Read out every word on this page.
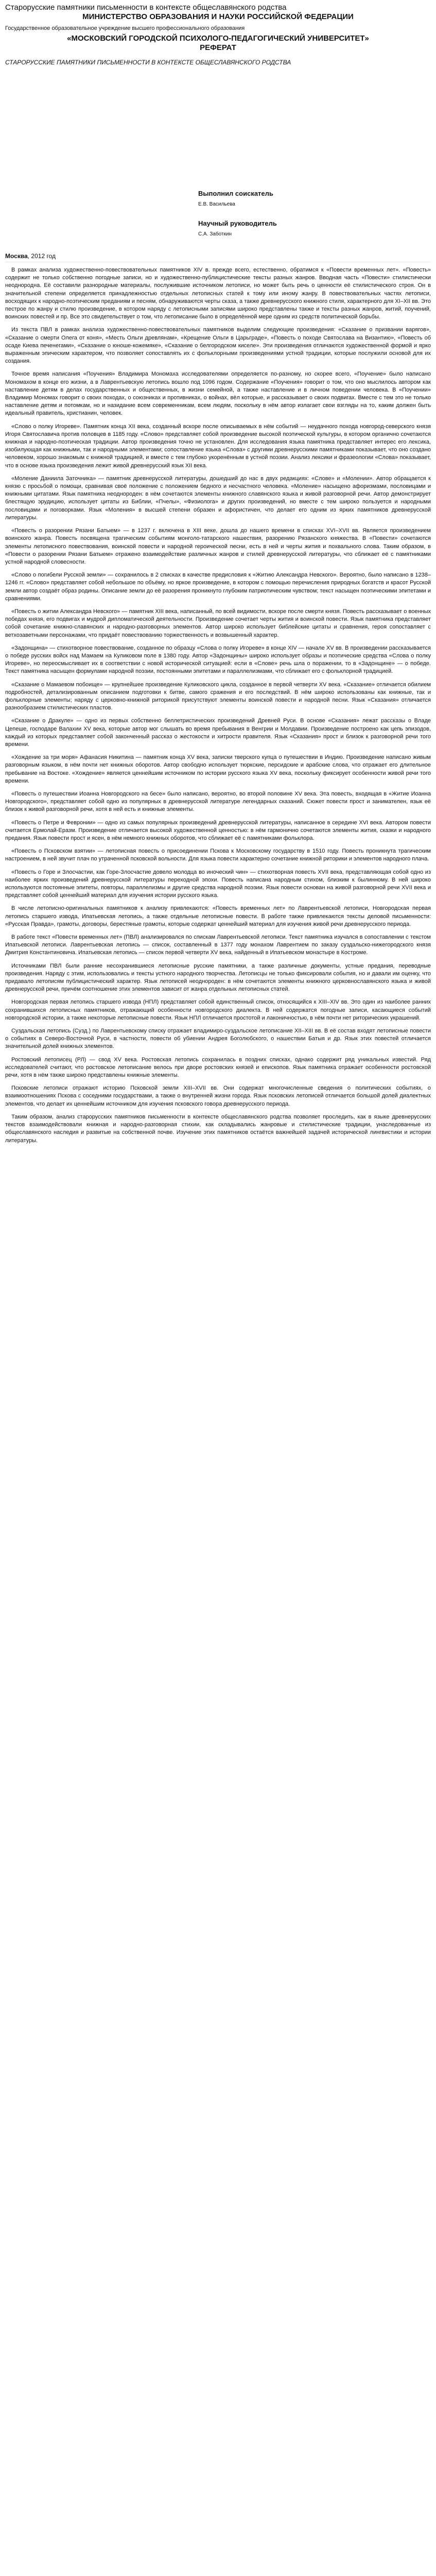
Старорусские памятники письменности в контексте общеславянского родства
МИНИСТЕРСТВО ОБРАЗОВАНИЯ И НАУКИ РОССИЙСКОЙ ФЕДЕРАЦИИ
Государственное образовательное учреждение высшего профессионального образования
«МОСКОВСКИЙ ГОРОДСКОЙ ПСИХОЛОГО-ПЕДАГОГИЧЕСКИЙ УНИВЕРСИТЕТ»
РЕФЕРАТ
СТАРОРУССКИЕ ПАМЯТНИКИ ПИСЬМЕННОСТИ В КОНТЕКСТЕ ОБЩЕСЛАВЯНСКОГО РОДСТВА
Выполнил соискатель
Е.В. Васильева
Научный руководитель
С.А. Заботкин
Москва, 2012 год

В рамках анализа художественно-повествовательных памятников XIV в. прежде всего, естественно, обратимся к «Повести временных лет». «Повесть» содержит не только собственно погодные записи, но и художественно-публицистические тексты разных жанров. Вводная часть «Повести» стилистически неоднородна. Её составили разнородные материалы, послужившие источником летописи, но может быть речь о ценности её стилистического строя. Он в значительной степени определяется принадлежностью отдельных летописных статей к тому или иному жанру. В повествовательных частях летописи, восходящих к народно-поэтическим преданиям и песням, обнаруживаются черты сказа, а также древнерусского книжного стиля, характерного для XI–XII вв. Это пестрое по жанру и стилю произведение, в котором наряду с летописными записями широко представлены также и тексты разных жанров, житий, поучений, воинских повестей и пр. Все это свидетельствует о том, что летописание было в определённой мере одним из средств политической борьбы.

Из текста ПВЛ в рамках анализа художественно-повествовательных памятников выделим следующие произведения: «Сказание о призвании варягов», «Сказание о смерти Олега от коня», «Месть Ольги древлянам», «Крещение Ольги в Царьграде», «Повесть о походе Святослава на Византию», «Повесть об осаде Киева печенегами», «Сказание о юноше-кожемяке», «Сказание о белгородском киселе». Эти произведения отличаются художественной формой и ярко выраженным эпическим характером, что позволяет сопоставлять их с фольклорными произведениями устной традиции, которые послужили основой для их создания.

Точное время написания «Поучения» Владимира Мономаха исследователями определяется по-разному, но скорее всего, «Поучение» было написано Мономахом в конце его жизни, а в Лаврентьевскую летопись вошло под 1096 годом. Содержание «Поучения» говорит о том, что оно мыслилось автором как наставление детям в делах государственных и общественных, в жизни семейной, а также наставление и в личном поведении человека. В «Поучении» Владимир Мономах говорит о своих походах, о союзниках и противниках, о войнах, вёл которые, и рассказывает о своих подвигах. Вместе с тем это не только наставление детям и потомкам, но и назидание всем современникам, всем людям, поскольку в нём автор излагает свои взгляды на то, каким должен быть идеальный правитель, христианин, человек.

«Слово о полку Игореве». Памятник конца XII века, созданный вскоре после описываемых в нём событий — неудачного похода новгород-северского князя Игоря Святославича против половцев в 1185 году. «Слово» представляет собой произведение высокой поэтической культуры, в котором органично сочетаются книжная и народно-поэтическая традиции. Автор произведения точно не установлен. Для исследования языка памятника представляет интерес его лексика, изобилующая как книжными, так и народными элементами; сопоставление языка «Слова» с другими древнерусскими памятниками показывает, что оно создано человеком, хорошо знакомым с книжной традицией, и вместе с тем глубоко укоренённым в устной поэзии. Анализ лексики и фразеологии «Слова» показывает, что в основе языка произведения лежит живой древнерусский язык XII века.

«Моление Даниила Заточника» — памятник древнерусской литературы, дошедший до нас в двух редакциях: «Слове» и «Молении». Автор обращается к князю с просьбой о помощи, сравнивая своё положение с положением бедного и несчастного человека. «Моление» насыщено афоризмами, пословицами и книжными цитатами. Язык памятника неоднороден: в нём сочетаются элементы книжного славянского языка и живой разговорной речи. Автор демонстрирует блестящую эрудицию, использует цитаты из Библии, «Пчелы», «Физиолога» и других произведений, но вместе с тем широко пользуется и народными пословицами и поговорками. Язык «Моления» в высшей степени образен и афористичен, что делает его одним из ярких памятников древнерусской литературы.

«Повесть о разорении Рязани Батыем» — в 1237 г. включена в XIII веке, дошла до нашего времени в списках XVI–XVII вв. Является произведением воинского жанра. Повесть посвящена трагическим событиям монголо-татарского нашествия, разорению Рязанского княжества. В «Повести» сочетаются элементы летописного повествования, воинской повести и народной героической песни, есть в ней и черты жития и похвального слова. Таким образом, в «Повести о разорении Рязани Батыем» отражено взаимодействие различных жанров и стилей древнерусской литературы, что сближает её с памятниками устной народной словесности.

«Слово о погибели Русской земли» — сохранилось в 2 списках в качестве предисловия к «Житию Александра Невского». Вероятно, было написано в 1238–1246 гг. «Слово» представляет собой небольшое по объёму, но яркое произведение, в котором с помощью перечисления природных богатств и красот Русской земли автор создаёт образ родины. Описание земли до её разорения проникнуто глубоким патриотическим чувством; текст насыщен поэтическими эпитетами и сравнениями.

«Повесть о житии Александра Невского» — памятник XIII века, написанный, по всей видимости, вскоре после смерти князя. Повесть рассказывает о военных победах князя, его подвигах и мудрой дипломатической деятельности. Произведение сочетает черты жития и воинской повести. Язык памятника представляет собой сочетание книжно-славянских и народно-разговорных элементов. Автор широко использует библейские цитаты и сравнения, героя сопоставляет с ветхозаветными персонажами, что придаёт повествованию торжественность и возвышенный характер.

«Задонщина» — стихотворное повествование, созданное по образцу «Слова о полку Игореве» в конце XIV — начале XV вв. В произведении рассказывается о победе русских войск над Мамаем на Куликовом поле в 1380 году. Автор «Задонщины» широко использует образы и поэтические средства «Слова о полку Игореве», но переосмысливает их в соответствии с новой исторической ситуацией: если в «Слове» речь шла о поражении, то в «Задонщине» — о победе. Текст памятника насыщен формулами народной поэзии, постоянными эпитетами и параллелизмами, что сближает его с фольклорной традицией.

«Сказание о Мамаевом побоище» — крупнейшее произведение Куликовского цикла, созданное в первой четверти XV века. «Сказание» отличается обилием подробностей, детализированным описанием подготовки к битве, самого сражения и его последствий. В нём широко использованы как книжные, так и фольклорные элементы; наряду с церковно-книжной риторикой присутствуют элементы воинской повести и народной песни. Язык «Сказания» отличается разнообразием стилистических пластов.

«Сказание о Дракуле» — одно из первых собственно беллетристических произведений Древней Руси. В основе «Сказания» лежат рассказы о Владе Цепеше, господаре Валахии XV века, которые автор мог слышать во время пребывания в Венгрии и Молдавии. Произведение построено как цепь эпизодов, каждый из которых представляет собой законченный рассказ о жестокости и хитрости правителя. Язык «Сказания» прост и близок к разговорной речи того времени.

«Хождение за три моря» Афанасия Никитина — памятник конца XV века, записки тверского купца о путешествии в Индию. Произведение написано живым разговорным языком, в нём почти нет книжных оборотов. Автор свободно использует тюркские, персидские и арабские слова, что отражает его длительное пребывание на Востоке. «Хождение» является ценнейшим источником по истории русского языка XV века, поскольку фиксирует особенности живой речи того времени.

«Повесть о путешествии Иоанна Новгородского на бесе» было написано, вероятно, во второй половине XV века. Эта повесть, входящая в «Житие Иоанна Новгородского», представляет собой одно из популярных в древнерусской литературе легендарных сказаний. Сюжет повести прост и занимателен, язык её близок к живой разговорной речи, хотя в ней есть и книжные элементы.

«Повесть о Петре и Февронии» — одно из самых популярных произведений древнерусской литературы, написанное в середине XVI века. Автором повести считается Ермолай-Еразм. Произведение отличается высокой художественной ценностью: в нём гармонично сочетаются элементы жития, сказки и народного предания. Язык повести прост и ясен, в нём немного книжных оборотов, что сближает её с памятниками фольклора.

«Повесть о Псковском взятии» — летописная повесть о присоединении Пскова к Московскому государству в 1510 году. Повесть проникнута трагическим настроением, в ней звучит плач по утраченной псковской вольности. Для языка повести характерно сочетание книжной риторики и элементов народного плача.

«Повесть о Горе и Злосчастии, как Горе-Злосчастие довело молодца во иноческий чин» — стихотворная повесть XVII века, представляющая собой одно из наиболее ярких произведений древнерусской литературы переходной эпохи. Повесть написана народным стихом, близким к былинному. В ней широко используются постоянные эпитеты, повторы, параллелизмы и другие средства народной поэзии. Язык повести основан на живой разговорной речи XVII века и представляет собой ценнейший материал для изучения истории русского языка.

В числе летописно-оригинальных памятников к анализу привлекаются: «Повесть временных лет» по Лаврентьевской летописи, Новгородская первая летопись старшего извода, Ипатьевская летопись, а также отдельные летописные повести. В работе также привлекаются тексты деловой письменности: «Русская Правда», грамоты, договоры, берестяные грамоты, которые содержат ценнейший материал для изучения живой речи древнерусского периода.

В работе текст «Повести временных лет» (ПВЛ) анализировался по спискам Лаврентьевской летописи. Текст памятника изучался в сопоставлении с текстом Ипатьевской летописи. Лаврентьевская летопись — список, составленный в 1377 году монахом Лаврентием по заказу суздальско-нижегородского князя Дмитрия Константиновича. Ипатьевская летопись — список первой четверти XV века, найденный в Ипатьевском монастыре в Костроме.

Источниками ПВЛ были ранние несохранившиеся летописные русские памятники, а также различные документы, устные предания, переводные произведения. Наряду с этим, использовались и тексты устного народного творчества. Летописцы не только фиксировали события, но и давали им оценку, что придавало летописям публицистический характер. Язык летописей неоднороден: в нём сочетаются элементы книжного церковнославянского языка и живой древнерусской речи, причём соотношение этих элементов зависит от жанра отдельных летописных статей.

Новгородская первая летопись старшего извода (НПЛ) представляет собой единственный список, относящийся к XIII–XIV вв. Это один из наиболее ранних сохранившихся летописных памятников, отражающий особенности новгородского диалекта. В ней содержатся погодные записи, касающиеся событий новгородской истории, а также некоторые летописные повести. Язык НПЛ отличается простотой и лаконичностью, в нём почти нет риторических украшений.

Суздальская летопись (Сузд.) по Лаврентьевскому списку отражает владимиро-суздальское летописание XII–XIII вв. В её состав входят летописные повести о событиях в Северо-Восточной Руси, в частности, повести об убиении Андрея Боголюбского, о нашествии Батыя и др. Язык этих повестей отличается значительной долей книжных элементов.

Ростовский летописец (РЛ) — свод XV века. Ростовская летопись сохранилась в поздних списках, однако содержит ряд уникальных известий. Ряд исследователей считают, что ростовское летописание велось при дворе ростовских князей и епископов. Язык памятника отражает особенности ростовской речи, хотя в нём также широко представлены книжные элементы.

Псковские летописи отражают историю Псковской земли XIII–XVII вв. Они содержат многочисленные сведения о политических событиях, о взаимоотношениях Пскова с соседними государствами, а также о внутренней жизни города. Язык псковских летописей отличается большой долей диалектных элементов, что делает их ценнейшим источником для изучения псковского говора древнерусского периода.

Таким образом, анализ старорусских памятников письменности в контексте общеславянского родства позволяет проследить, как в языке древнерусских текстов взаимодействовали книжная и народно-разговорная стихии, как складывались жанровые и стилистические традиции, унаследованные из общеславянского наследия и развитые на собственной почве. Изучение этих памятников остаётся важнейшей задачей исторической лингвистики и истории литературы.
